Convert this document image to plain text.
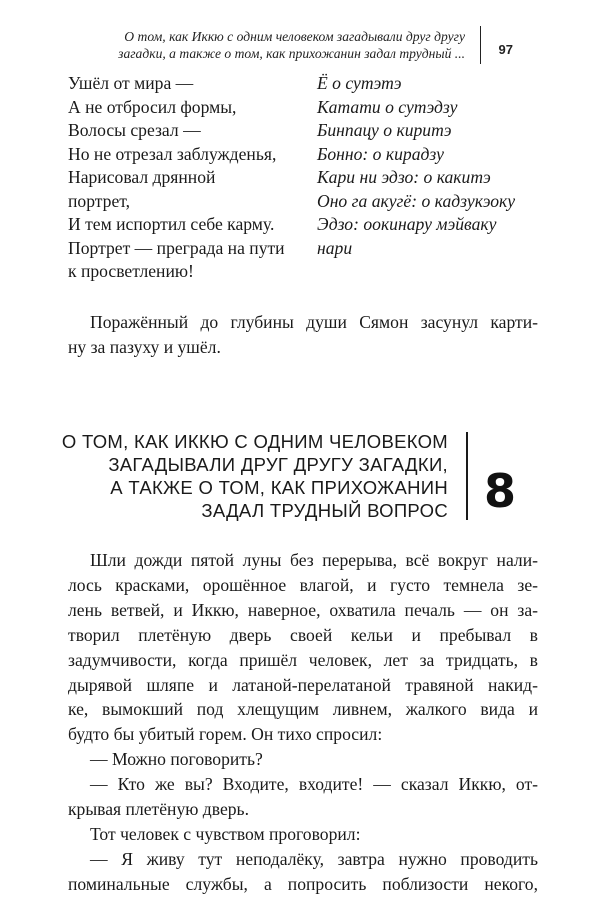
О том, как Иккю с одним человеком загадывали друг другу
загадки, а также о том, как прихожанин задал трудный ...	97
Ушёл от мира —
А не отбросил формы,
Волосы срезал —
Но не отрезал заблужденья,
Нарисовал дрянной
портрет,
И тем испортил себе карму.
Портрет — преграда на пути
к просветлению!
Ё о сутэтэ
Катати о сутэдзу
Бинпацу о киритэ
Бонно: о кирадзу
Кари ни эдзо: о какитэ
Оно га акугё: о кадзукэоку
Эдзо: оокинару мэйваку
нари
Поражённый до глубины души Сямон засунул карти-
ну за пазуху и ушёл.
О ТОМ, КАК ИККЮ С ОДНИМ ЧЕЛОВЕКОМ
ЗАГАДЫВАЛИ ДРУГ ДРУГУ ЗАГАДКИ,
А ТАКЖЕ О ТОМ, КАК ПРИХОЖАНИН
ЗАДАЛ ТРУДНЫЙ ВОПРОС 8
Шли дожди пятой луны без перерыва, всё вокруг нали-
лось красками, орошённое влагой, и густо темнела зе-
лень ветвей, и Иккю, наверное, охватила печаль — он за-
творил плетёную дверь своей кельи и пребывал в
задумчивости, когда пришёл человек, лет за тридцать, в
дырявой шляпе и латаной-перелатаной травяной накид-
ке, вымокший под хлещущим ливнем, жалкого вида и
будто бы убитый горем. Он тихо спросил:
— Можно поговорить?
— Кто же вы? Входите, входите! — сказал Иккю, от-
крывая плетёную дверь.
Тот человек с чувством проговорил:
— Я живу тут неподалёку, завтра нужно проводить
поминальные службы, а попросить поблизости некого,
